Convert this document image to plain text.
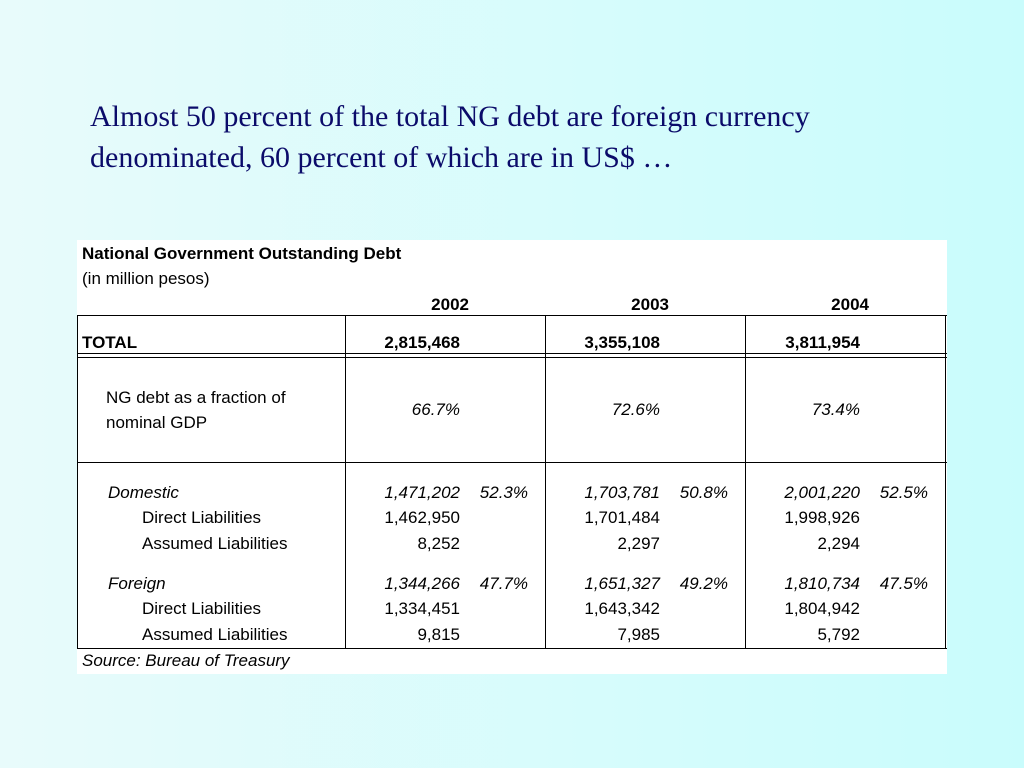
Almost 50 percent of the total NG debt are foreign currency
denominated, 60 percent of which are in US$ …
National Government Outstanding Debt
(in million pesos)
2002	2003	2004
TOTAL	2,815,468	3,355,108	3,811,954
NG debt as a fraction of
nominal GDP
66.7%	72.6%	73.4%
Domestic	1,471,202 52.3%	1,703,781 50.8%	2,001,220 52.5%
Direct Liabilities	1,462,950	1,701,484	1,998,926
Assumed Liabilities	8,252	2,297	2,294
Foreign	1,344,266 47.7%	1,651,327 49.2%	1,810,734 47.5%
Direct Liabilities	1,334,451	1,643,342	1,804,942
Assumed Liabilities	9,815	7,985	5,792
Source: Bureau of Treasury
